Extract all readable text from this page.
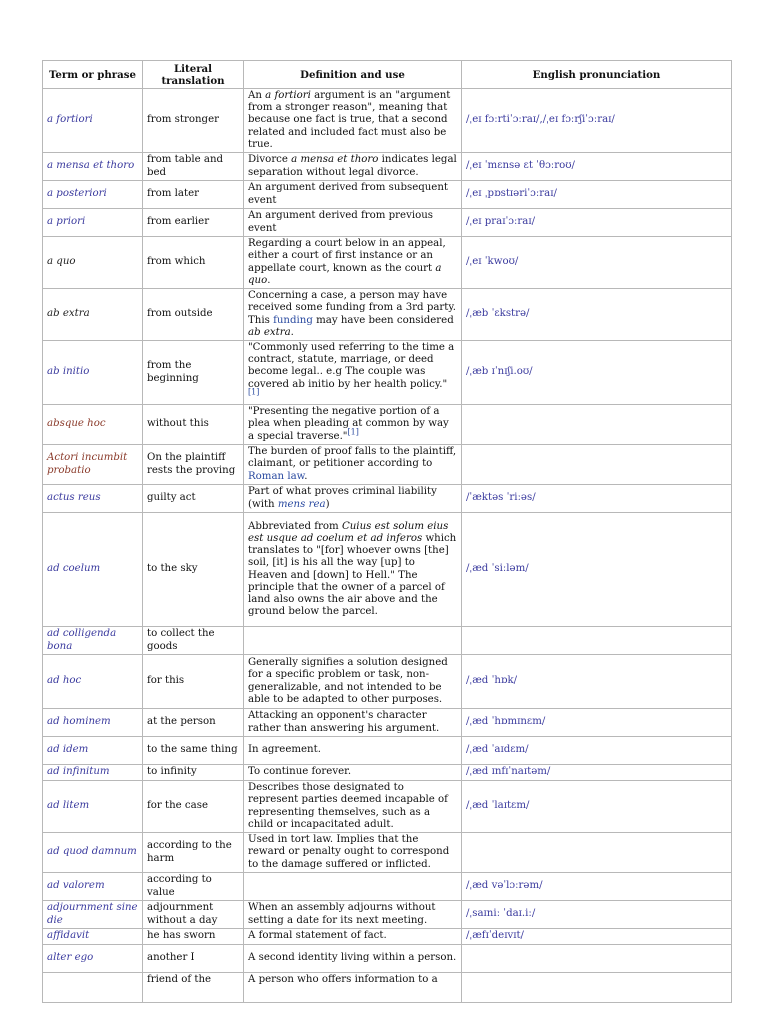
Term or phrase	Literal translation	Definition and use	English pronunciation
a fortiori	from stronger	An a fortiori argument is an "argument from a stronger reason", meaning that because one fact is true, that a second related and included fact must also be true.	/ˌeɪ fɔːrtiˈɔːraɪ/,/ˌeɪ fɔːrʃiˈɔːraɪ/
a mensa et thoro	from table and bed	Divorce a mensa et thoro indicates legal separation without legal divorce.	/ˌeɪ ˈmɛnsə ɛt ˈθɔːroʊ/
a posteriori	from later	An argument derived from subsequent event	/ˌeɪ ˌpɒstɪəriˈɔːraɪ/
a priori	from earlier	An argument derived from previous event	/ˌeɪ praɪˈɔːraɪ/
a quo	from which	Regarding a court below in an appeal, either a court of first instance or an appellate court, known as the court a quo.	/ˌeɪ ˈkwoʊ/
ab extra	from outside	Concerning a case, a person may have received some funding from a 3rd party. This funding may have been considered ab extra.	/ˌæb ˈɛkstrə/
ab initio	from the beginning	"Commonly used referring to the time a contract, statute, marriage, or deed become legal.. e.g The couple was covered ab initio by her health policy."[1]	/ˌæb ɪˈnɪʃi.oʊ/
absque hoc	without this	"Presenting the negative portion of a plea when pleading at common by way a special traverse."[1]	
Actori incumbit probatio	On the plaintiff rests the proving	The burden of proof falls to the plaintiff, claimant, or petitioner according to Roman law.	
actus reus	guilty act	Part of what proves criminal liability (with mens rea)	/ˈæktəs ˈriːəs/
ad coelum	to the sky	Abbreviated from Cuius est solum eius est usque ad coelum et ad inferos which translates to "[for] whoever owns [the] soil, [it] is his all the way [up] to Heaven and [down] to Hell." The principle that the owner of a parcel of land also owns the air above and the ground below the parcel.	/ˌæd ˈsiːləm/
ad colligenda bona	to collect the goods		
ad hoc	for this	Generally signifies a solution designed for a specific problem or task, non-generalizable, and not intended to be able to be adapted to other purposes.	/ˌæd ˈhɒk/
ad hominem	at the person	Attacking an opponent's character rather than answering his argument.	/ˌæd ˈhɒmɪnɛm/
ad idem	to the same thing	In agreement.	/ˌæd ˈaɪdɛm/
ad infinitum	to infinity	To continue forever.	/ˌæd ɪnfɪˈnaɪtəm/
ad litem	for the case	Describes those designated to represent parties deemed incapable of representing themselves, such as a child or incapacitated adult.	/ˌæd ˈlaɪtɛm/
ad quod damnum	according to the harm	Used in tort law. Implies that the reward or penalty ought to correspond to the damage suffered or inflicted.	
ad valorem	according to value		/ˌæd vəˈlɔːrəm/
adjournment sine die	adjournment without a day	When an assembly adjourns without setting a date for its next meeting.	/ˌsaɪniː ˈdaɪ.iː/
affidavit	he has sworn	A formal statement of fact.	/ˌæfɪˈdeɪvɪt/
alter ego	another I	A second identity living within a person.	
	friend of the	A person who offers information to a	
